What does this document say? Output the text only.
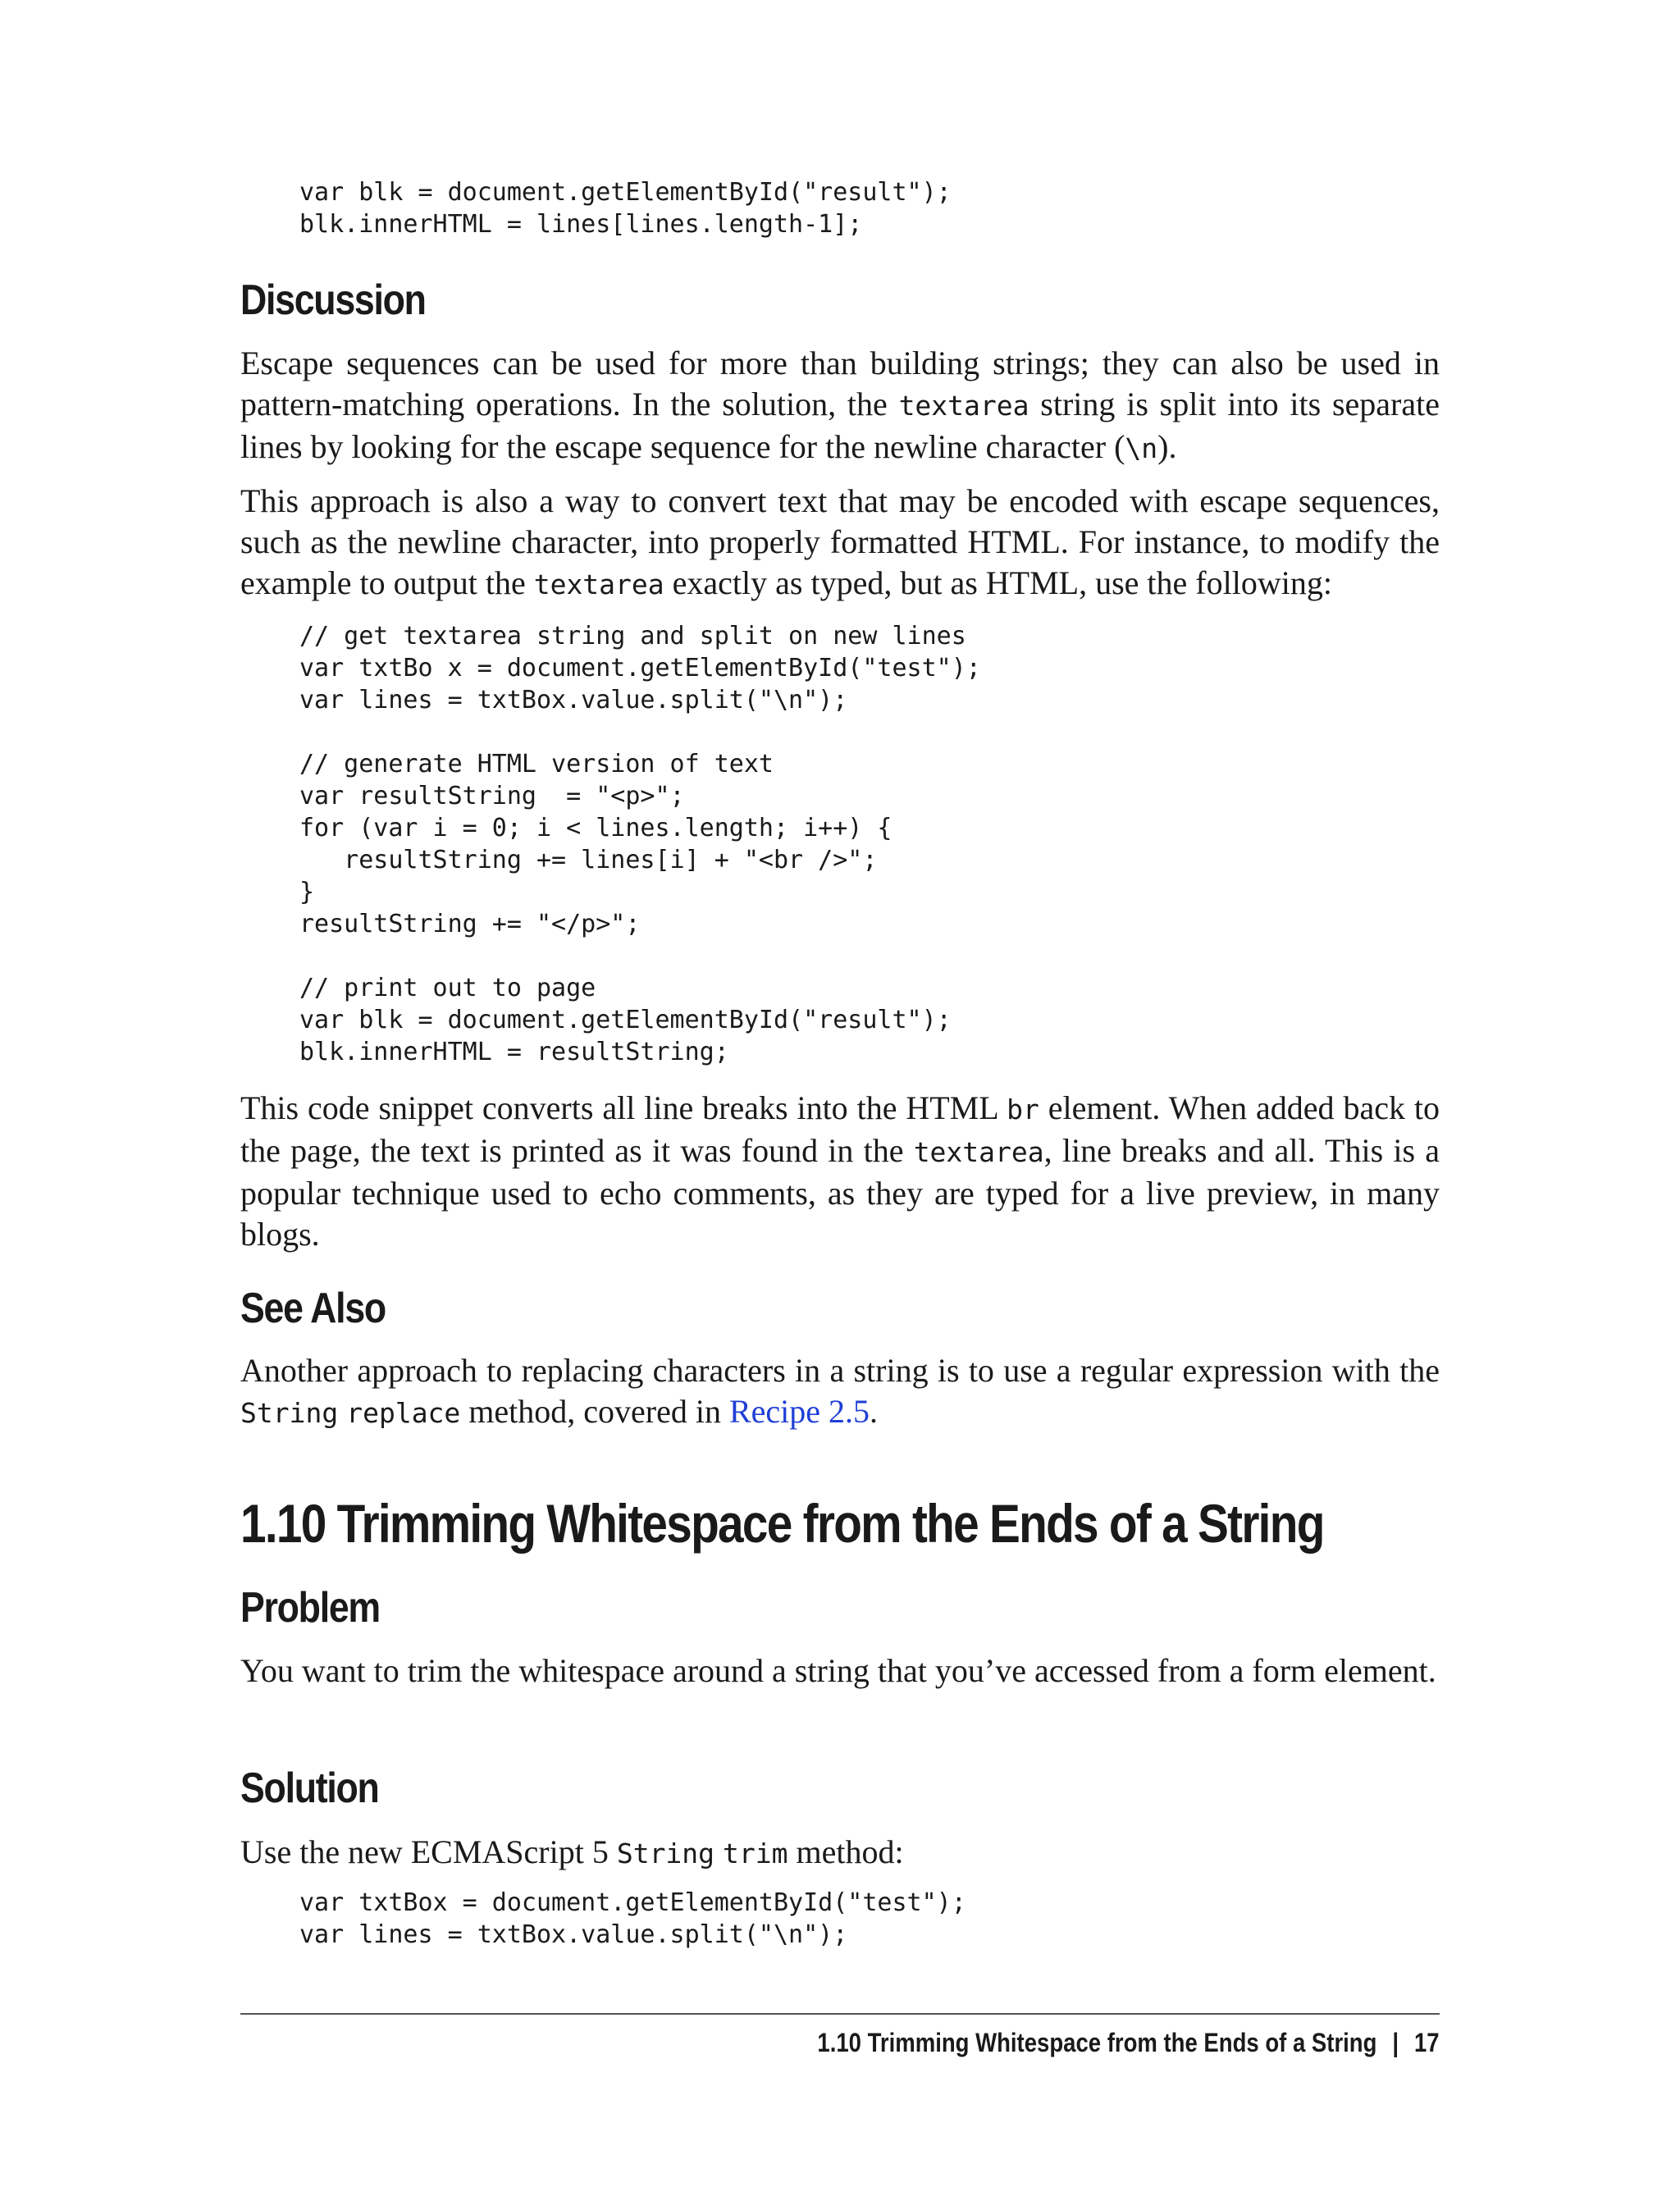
var blk = document.getElementById("result");
blk.innerHTML = lines[lines.length-1];
Discussion

Escape sequences can be used for more than building strings; they can also be used in pattern-matching operations. In the solution, the textarea string is split into its separate lines by looking for the escape sequence for the newline character (\n).

This approach is also a way to convert text that may be encoded with escape sequences, such as the newline character, into properly formatted HTML. For instance, to modify the example to output the textarea exactly as typed, but as HTML, use the following:

// get textarea string and split on new lines
var txtBo x = document.getElementById("test");
var lines = txtBox.value.split("\n");

// generate HTML version of text
var resultString  = "<p>";
for (var i = 0; i < lines.length; i++) {
resultString += lines[i] + "<br />";
}
resultString += "</p>";

// print out to page
var blk = document.getElementById("result");
blk.innerHTML = resultString;

This code snippet converts all line breaks into the HTML br element. When added back to the page, the text is printed as it was found in the textarea, line breaks and all. This is a popular technique used to echo comments, as they are typed for a live preview, in many blogs.

See Also

Another approach to replacing characters in a string is to use a regular expression with the String replace method, covered in Recipe 2.5.

1.10 Trimming Whitespace from the Ends of a String
Problem

You want to trim the whitespace around a string that you’ve accessed from a form element.

Solution

Use the new ECMAScript 5 String trim method:

var txtBox = document.getElementById("test");
var lines = txtBox.value.split("\n");
1.10 Trimming Whitespace from the Ends of a String | 17
